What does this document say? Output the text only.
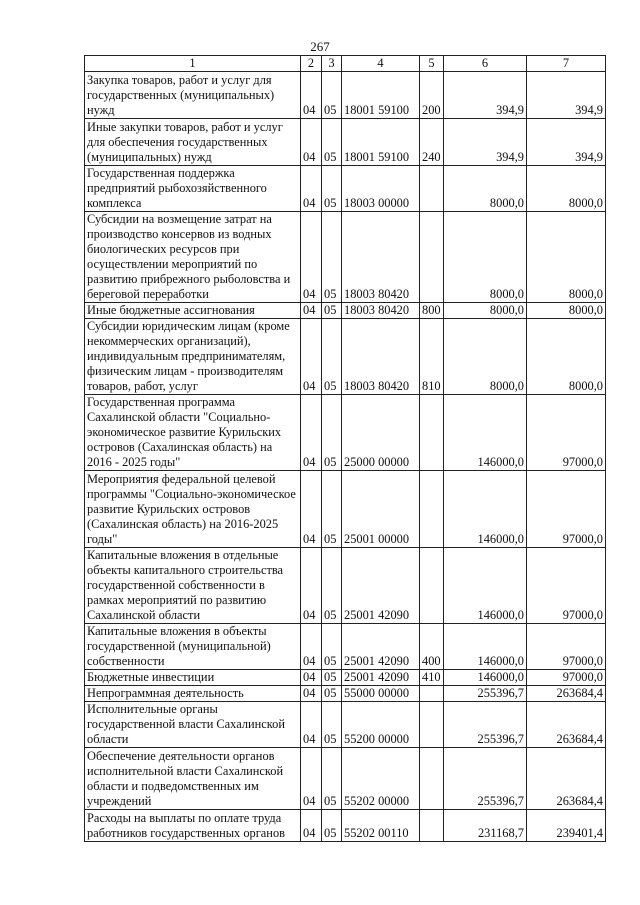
267
1	2	3	4	5	6	7
Закупка товаров, работ и услуг для государственных (муниципальных) нужд	04	05	18001 59100	200	394,9	394,9
Иные закупки товаров, работ и услуг для обеспечения государственных (муниципальных) нужд	04	05	18001 59100	240	394,9	394,9
Государственная поддержка предприятий рыбохозяйственного комплекса	04	05	18003 00000		8000,0	8000,0
Субсидии на возмещение затрат на производство консервов из водных биологических ресурсов при осуществлении мероприятий по развитию прибрежного рыболовства и береговой переработки	04	05	18003 80420		8000,0	8000,0
Иные бюджетные ассигнования	04	05	18003 80420	800	8000,0	8000,0
Субсидии юридическим лицам (кроме некоммерческих организаций), индивидуальным предпринимателям, физическим лицам - производителям товаров, работ, услуг	04	05	18003 80420	810	8000,0	8000,0
Государственная программа Сахалинской области "Социально-экономическое развитие Курильских островов (Сахалинская область) на 2016 - 2025 годы"	04	05	25000 00000		146000,0	97000,0
Мероприятия федеральной целевой программы "Социально-экономическое развитие Курильских островов (Сахалинская область) на 2016-2025 годы"	04	05	25001 00000		146000,0	97000,0
Капитальные вложения в отдельные объекты капитального строительства государственной собственности в рамках мероприятий по развитию Сахалинской области	04	05	25001 42090		146000,0	97000,0
Капитальные вложения в объекты государственной (муниципальной) собственности	04	05	25001 42090	400	146000,0	97000,0
Бюджетные инвестиции	04	05	25001 42090	410	146000,0	97000,0
Непрограммная деятельность	04	05	55000 00000		255396,7	263684,4
Исполнительные органы государственной власти Сахалинской области	04	05	55200 00000		255396,7	263684,4
Обеспечение деятельности органов исполнительной власти Сахалинской области и подведомственных им учреждений	04	05	55202 00000		255396,7	263684,4
Расходы на выплаты по оплате труда работников государственных органов	04	05	55202 00110		231168,7	239401,4
